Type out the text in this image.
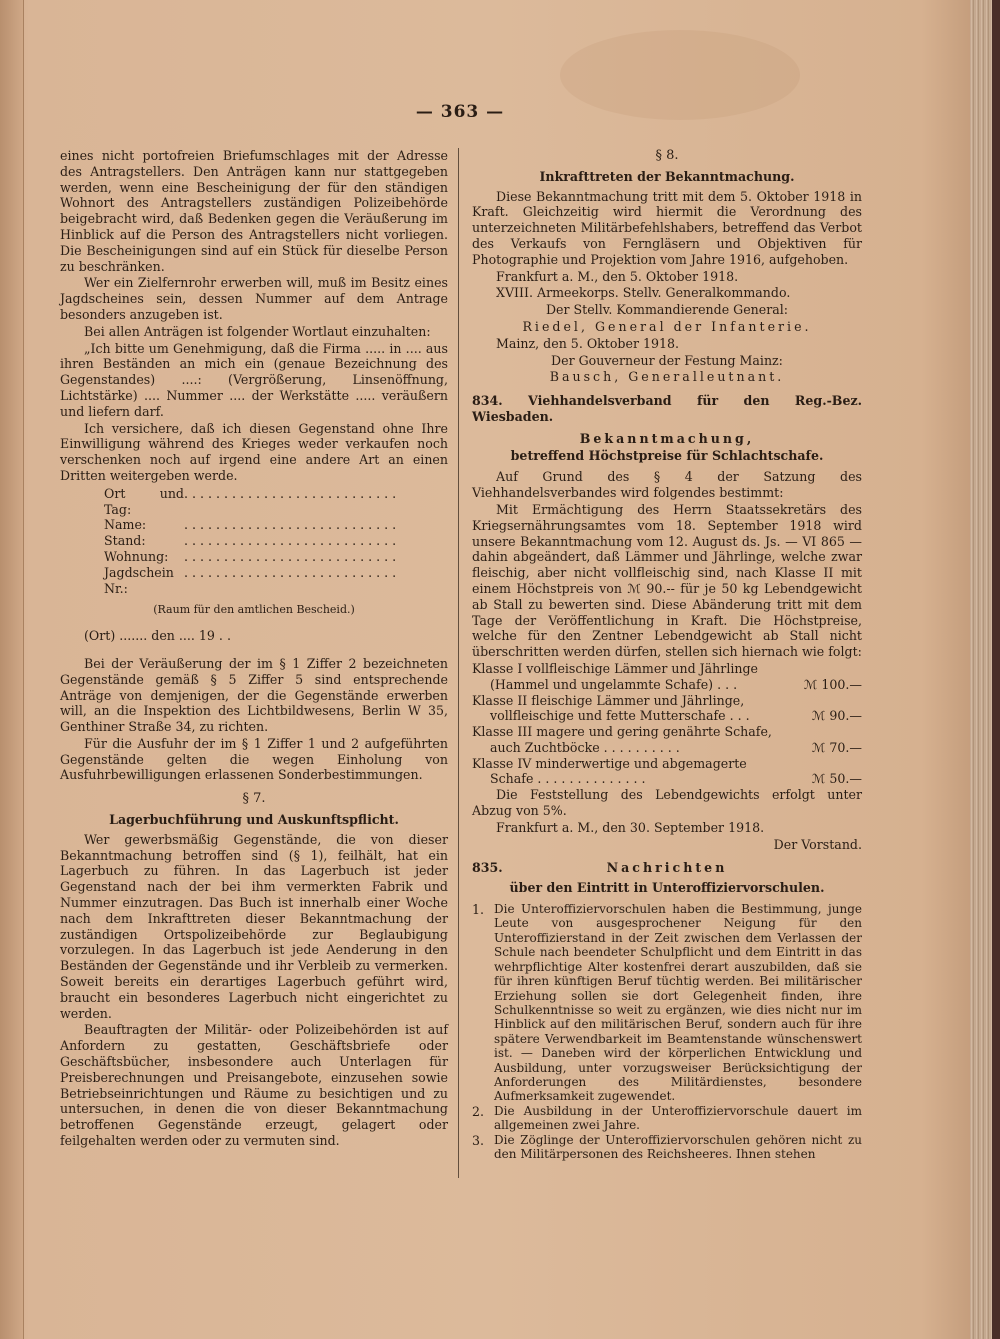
— 363 —

eines nicht portofreien Briefumschlages mit der Adresse des Antragstellers. Den Anträgen kann nur stattgegeben werden, wenn eine Bescheinigung der für den ständigen Wohnort des Antragstellers zuständigen Polizeibehörde beigebracht wird, daß Bedenken gegen die Veräußerung im Hinblick auf die Person des Antragstellers nicht vorliegen. Die Bescheinigungen sind auf ein Stück für dieselbe Person zu beschränken.

Wer ein Zielfernrohr erwerben will, muß im Besitz eines Jagdscheines sein, dessen Nummer auf dem Antrage besonders anzugeben ist.

Bei allen Anträgen ist folgender Wortlaut einzuhalten:

„Ich bitte um Genehmigung, daß die Firma ..... in .... aus ihren Beständen an mich ein (genaue Bezeichnung des Gegenstandes) ....: (Vergrößerung, Linsenöffnung, Lichtstärke) .... Nummer .... der Werkstätte ..... veräußern und liefern darf.

Ich versichere, daß ich diesen Gegenstand ohne Ihre Einwilligung während des Krieges weder verkaufen noch verschenken noch auf irgend eine andere Art an einen Dritten weitergeben werde.

Ort und Tag:
...........................
Name:	...........................
Stand:	...........................
Wohnung:	...........................
Jagdschein Nr.:
...........................

(Raum für den amtlichen Bescheid.)

(Ort) ....... den .... 19 . .

Bei der Veräußerung der im § 1 Ziffer 2 bezeichneten Gegenstände gemäß § 5 Ziffer 5 sind entsprechende Anträge von demjenigen, der die Gegenstände erwerben will, an die Inspektion des Lichtbildwesens, Berlin W 35, Genthiner Straße 34, zu richten.

Für die Ausfuhr der im § 1 Ziffer 1 und 2 aufgeführten Gegenstände gelten die wegen Einholung von Ausfuhrbewilligungen erlassenen Sonderbestimmungen.

§ 7.

Lagerbuchführung und Auskunftspflicht.

Wer gewerbsmäßig Gegenstände, die von dieser Bekanntmachung betroffen sind (§ 1), feilhält, hat ein Lagerbuch zu führen. In das Lagerbuch ist jeder Gegenstand nach der bei ihm vermerkten Fabrik und Nummer einzutragen. Das Buch ist innerhalb einer Woche nach dem Inkrafttreten dieser Bekanntmachung der zuständigen Ortspolizeibehörde zur Beglaubigung vorzulegen. In das Lagerbuch ist jede Aenderung in den Beständen der Gegenstände und ihr Verbleib zu vermerken. Soweit bereits ein derartiges Lagerbuch geführt wird, braucht ein besonderes Lagerbuch nicht eingerichtet zu werden.

Beauftragten der Militär- oder Polizeibehörden ist auf Anfordern zu gestatten, Geschäftsbriefe oder Geschäftsbücher, insbesondere auch Unterlagen für Preisberechnungen und Preisangebote, einzusehen sowie Betriebseinrichtungen und Räume zu besichtigen und zu untersuchen, in denen die von dieser Bekanntmachung betroffenen Gegenstände erzeugt, gelagert oder feilgehalten werden oder zu vermuten sind.

§ 8.

Inkrafttreten der Bekanntmachung.

Diese Bekanntmachung tritt mit dem 5. Oktober 1918 in Kraft. Gleichzeitig wird hiermit die Verordnung des unterzeichneten Militärbefehlshabers, betreffend das Verbot des Verkaufs von Ferngläsern und Objektiven für Photographie und Projektion vom Jahre 1916, aufgehoben.

Frankfurt a. M., den 5. Oktober 1918.

XVIII. Armeekorps. Stellv. Generalkommando.

Der Stellv. Kommandierende General:

Riedel, General der Infanterie.

Mainz, den 5. Oktober 1918.

Der Gouverneur der Festung Mainz:

Bausch, Generalleutnant.

834. Viehhandelsverband für den Reg.-Bez. Wiesbaden.

Bekanntmachung,

betreffend Höchstpreise für Schlachtschafe.

Auf Grund des § 4 der Satzung des Viehhandelsverbandes wird folgendes bestimmt:

Mit Ermächtigung des Herrn Staatssekretärs des Kriegsernährungsamtes vom 18. September 1918 wird unsere Bekanntmachung vom 12. August ds. Js. — VI 865 — dahin abgeändert, daß Lämmer und Jährlinge, welche zwar fleischig, aber nicht vollfleischig sind, nach Klasse II mit einem Höchstpreis von ℳ 90.-- für je 50 kg Lebendgewicht ab Stall zu bewerten sind. Diese Abänderung tritt mit dem Tage der Veröffentlichung in Kraft. Die Höchstpreise, welche für den Zentner Lebendgewicht ab Stall nicht überschritten werden dürfen, stellen sich hiernach wie folgt:

Klasse I vollfleischige Lämmer und Jährlinge
(Hammel und ungelammte Schafe) . . .	ℳ 100.—
Klasse II fleischige Lämmer und Jährlinge,
vollfleischige und fette Mutterschafe . . .	ℳ 90.—
Klasse III magere und gering genährte Schafe,
auch Zuchtböcke . . . . . . . . . .	ℳ 70.—
Klasse IV minderwertige und abgemagerte
Schafe . . . . . . . . . . . . . .	ℳ 50.—

Die Feststellung des Lebendgewichts erfolgt unter Abzug von 5%.

Frankfurt a. M., den 30. September 1918.

Der Vorstand.

835.	Nachrichten

über den Eintritt in Unteroffiziervorschulen.

1. Die Unteroffiziervorschulen haben die Bestimmung, junge Leute von ausgesprochener Neigung für den Unteroffizierstand in der Zeit zwischen dem Verlassen der Schule nach beendeter Schulpflicht und dem Eintritt in das wehrpflichtige Alter kostenfrei derart auszubilden, daß sie für ihren künftigen Beruf tüchtig werden. Bei militärischer Erziehung sollen sie dort Gelegenheit finden, ihre Schulkenntnisse so weit zu ergänzen, wie dies nicht nur im Hinblick auf den militärischen Beruf, sondern auch für ihre spätere Verwendbarkeit im Beamtenstande wünschenswert ist. — Daneben wird der körperlichen Entwicklung und Ausbildung, unter vorzugsweiser Berücksichtigung der Anforderungen des Militärdienstes, besondere Aufmerksamkeit zugewendet.
2. Die Ausbildung in der Unteroffiziervorschule dauert im allgemeinen zwei Jahre.
3. Die Zöglinge der Unteroffiziervorschulen gehören nicht zu den Militärpersonen des Reichsheeres. Ihnen stehen
